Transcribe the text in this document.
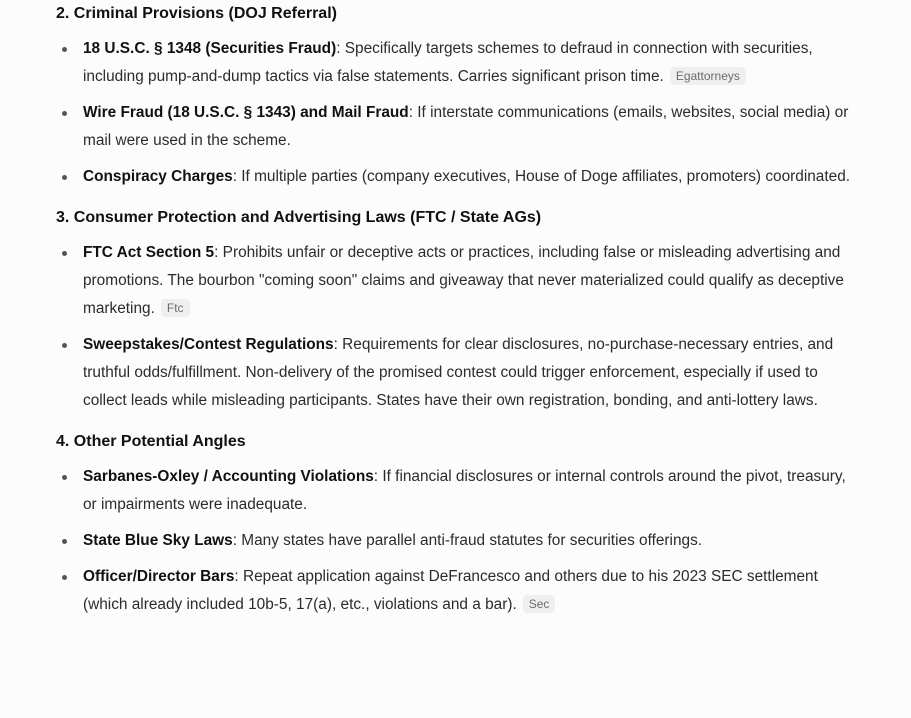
2. Criminal Provisions (DOJ Referral)
18 U.S.C. § 1348 (Securities Fraud): Specifically targets schemes to defraud in connection with securities, including pump-and-dump tactics via false statements. Carries significant prison time. Egattorneys
Wire Fraud (18 U.S.C. § 1343) and Mail Fraud: If interstate communications (emails, websites, social media) or mail were used in the scheme.
Conspiracy Charges: If multiple parties (company executives, House of Doge affiliates, promoters) coordinated.
3. Consumer Protection and Advertising Laws (FTC / State AGs)
FTC Act Section 5: Prohibits unfair or deceptive acts or practices, including false or misleading advertising and promotions. The bourbon "coming soon" claims and giveaway that never materialized could qualify as deceptive marketing. Ftc
Sweepstakes/Contest Regulations: Requirements for clear disclosures, no-purchase-necessary entries, and truthful odds/fulfillment. Non-delivery of the promised contest could trigger enforcement, especially if used to collect leads while misleading participants. States have their own registration, bonding, and anti-lottery laws.
4. Other Potential Angles
Sarbanes-Oxley / Accounting Violations: If financial disclosures or internal controls around the pivot, treasury, or impairments were inadequate.
State Blue Sky Laws: Many states have parallel anti-fraud statutes for securities offerings.
Officer/Director Bars: Repeat application against DeFrancesco and others due to his 2023 SEC settlement (which already included 10b-5, 17(a), etc., violations and a bar). Sec
